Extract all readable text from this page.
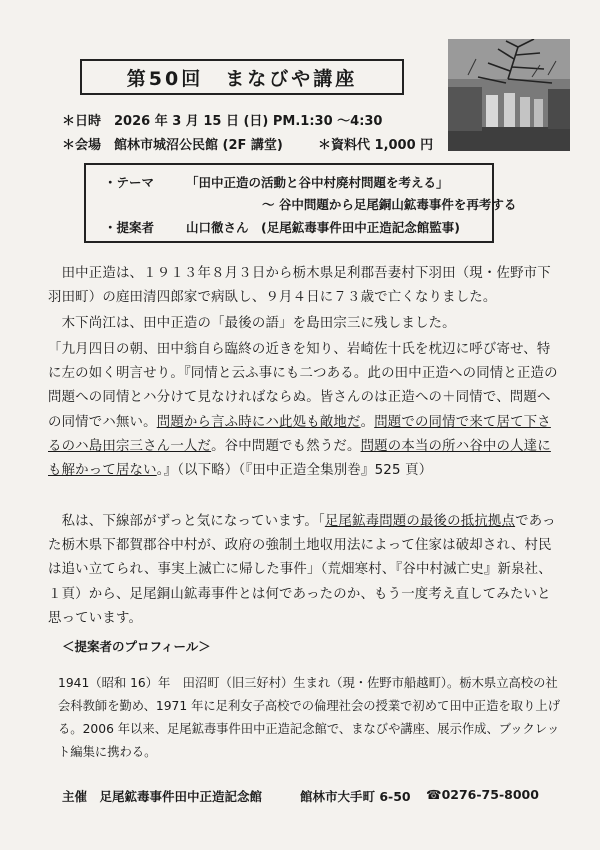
第50回　まなびや講座
＊日時　2026 年 3 月 15 日 (日) PM.1:30 ～4:30
＊会場　館林市城沼公民館 (2F 講堂)	＊資料代 1,000 円
・テーマ	「田中正造の活動と谷中村廃村問題を考える」
～ 谷中問題から足尾銅山鉱毒事件を再考する
・提案者	山口徹さん　(足尾鉱毒事件田中正造記念館監事)

　田中正造は、１９１３年８月３日から栃木県足利郡吾妻村下羽田（現・佐野市下羽田町）の庭田清四郎家で病臥し、９月４日に７３歳で亡くなりました。

　木下尚江は、田中正造の「最後の語」を島田宗三に残しました。

「九月四日の朝、田中翁自ら臨終の近きを知り、岩崎佐十氏を枕辺に呼び寄せ、特に左の如く明言せり。『同情と云ふ事にも二つある。此の田中正造への同情と正造の問題への同情とハ分けて見なければならぬ。皆さんのは正造への＋同情で、問題への同情でハ無い。問題から言ふ時にハ此処も敵地だ。問題での同情で来て居て下さるのハ島田宗三さん一人だ。谷中問題でも然うだ。問題の本当の所ハ谷中の人達にも解かって居ない。』（以下略）（『田中正造全集別巻』525 頁）

　私は、下線部がずっと気になっています。「足尾鉱毒問題の最後の抵抗拠点であった栃木県下都賀郡谷中村が、政府の強制土地収用法によって住家は破却され、村民は追い立てられ、事実上滅亡に帰した事件」（荒畑寒村、『谷中村滅亡史』新泉社、１頁）から、足尾銅山鉱毒事件とは何であったのか、もう一度考え直してみたいと思っています。

＜提案者のプロフィール＞

1941（昭和 16）年　田沼町（旧三好村）生まれ（現・佐野市船越町）。栃木県立高校の社会科教師を勤め、1971 年に足利女子高校での倫理社会の授業で初めて田中正造を取り上げる。2006 年以来、足尾鉱毒事件田中正造記念館で、まなびや講座、展示作成、ブックレット編集に携わる。

主催　足尾鉱毒事件田中正造記念館	館林市大手町 6-50 ☎0276-75-8000
